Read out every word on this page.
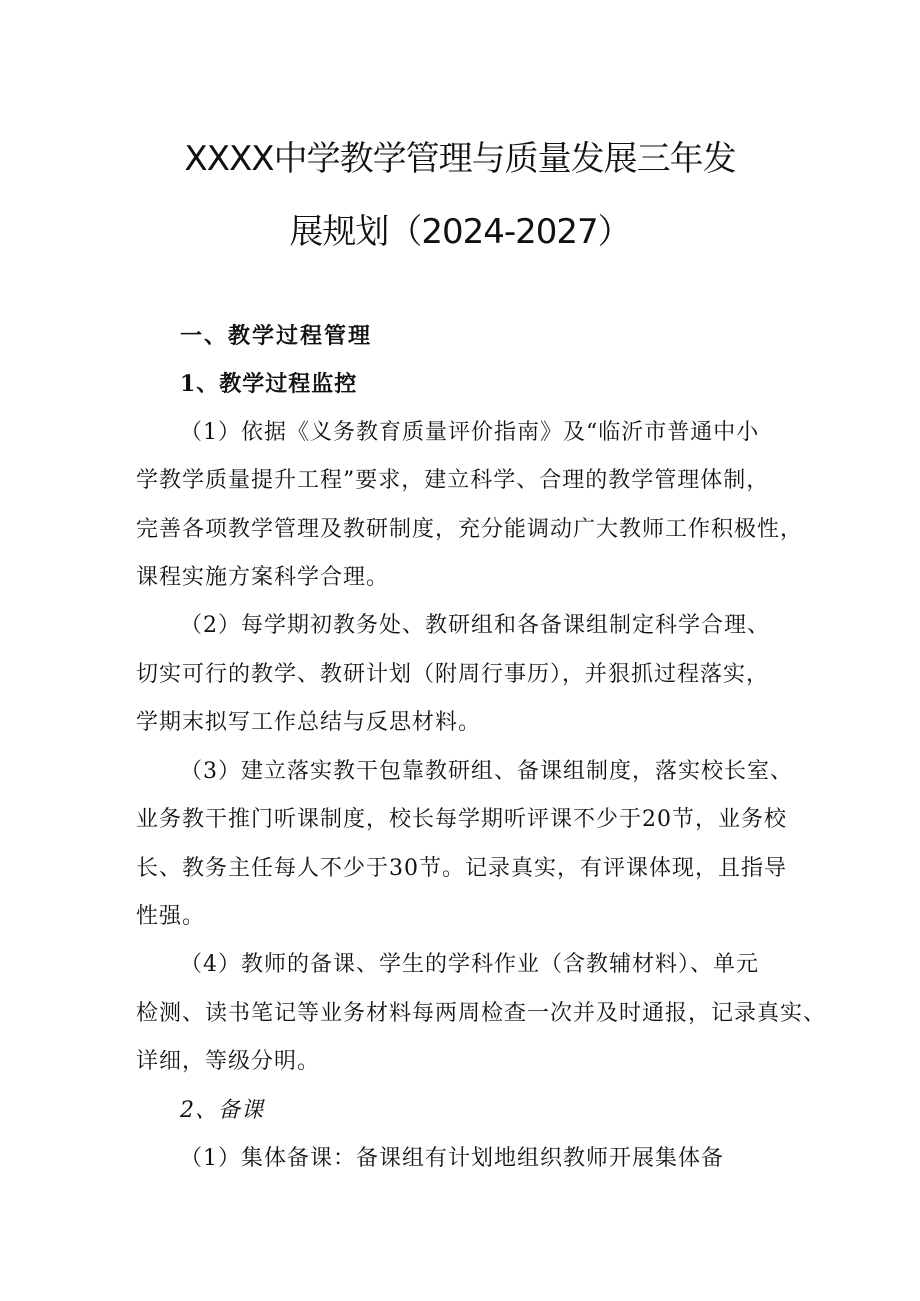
XXXX中学教学管理与质量发展三年发
展规划（2024-2027）
一、教学过程管理
1、教学过程监控
（1）依据《义务教育质量评价指南》及“临沂市普通中小
学教学质量提升工程”要求，建立科学、合理的教学管理体制，
完善各项教学管理及教研制度，充分能调动广大教师工作积极性，
课程实施方案科学合理。
（2）每学期初教务处、教研组和各备课组制定科学合理、
切实可行的教学、教研计划（附周行事历），并狠抓过程落实，
学期末拟写工作总结与反思材料。
（3）建立落实教干包靠教研组、备课组制度，落实校长室、
业务教干推门听课制度，校长每学期听评课不少于20节，业务校
长、教务主任每人不少于30节。记录真实，有评课体现，且指导
性强。
（4）教师的备课、学生的学科作业（含教辅材料）、单元
检测、读书笔记等业务材料每两周检查一次并及时通报，记录真实、
详细，等级分明。
2、备课
（1）集体备课：备课组有计划地组织教师开展集体备
